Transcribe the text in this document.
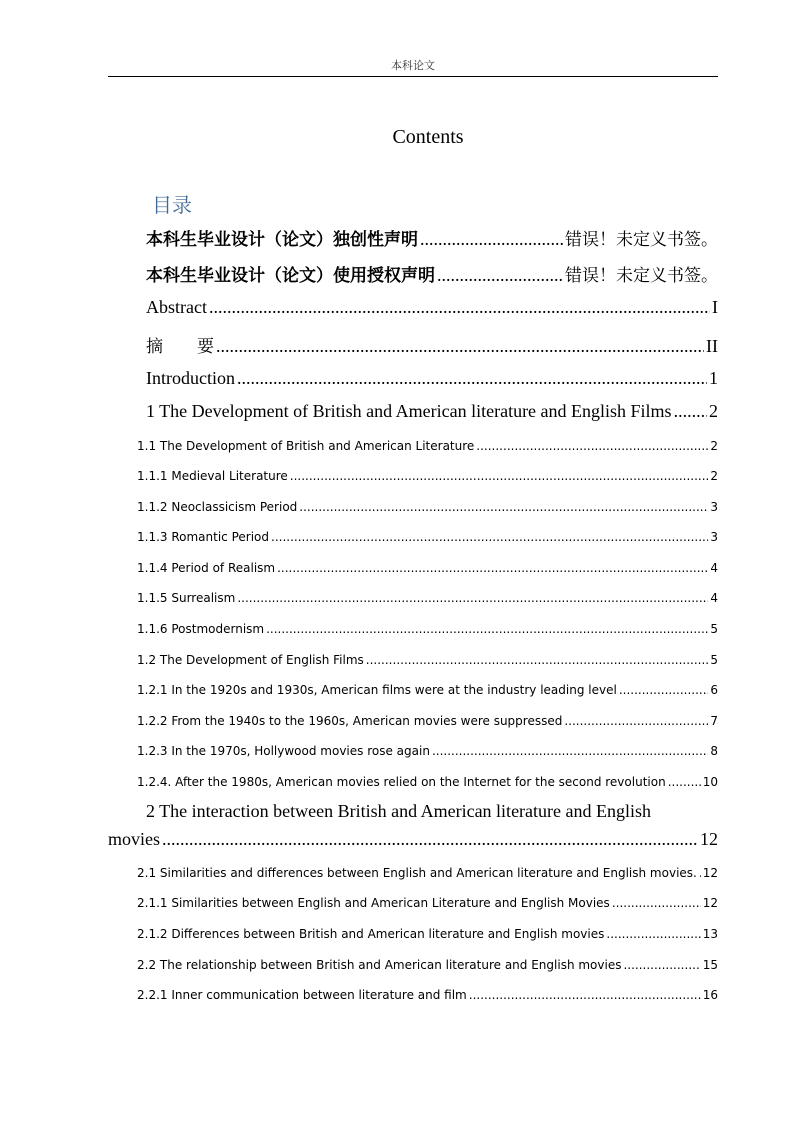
本科论文
Contents
目录
本科生毕业设计（论文）独创性声明 .....	错误！未定义书签。
本科生毕业设计（论文）使用授权声明 .....	错误！未定义书签。
Abstract .....	I
摘　　要 .....	II
Introduction .....	1
1 The Development of British and American literature and English Films ..... 2
1.1 The Development of British and American Literature .....	2
1.1.1 Medieval Literature .....	2
1.1.2 Neoclassicism Period .....	3
1.1.3 Romantic Period .....	3
1.1.4 Period of Realism .....	4
1.1.5 Surrealism .....	4
1.1.6 Postmodernism .....	5
1.2 The Development of English Films .....	5
1.2.1 In the 1920s and 1930s, American films were at the industry leading level .....	6
1.2.2 From the 1940s to the 1960s, American movies were suppressed .....	7
1.2.3 In the 1970s, Hollywood movies rose again .....	8
1.2.4. After the 1980s, American movies relied on the Internet for the second revolution .....	10
2 The interaction between British and American literature and English
movies .....	12
2.1 Similarities and differences between English and American literature and English movies. ..... 12
2.1.1 Similarities between English and American Literature and English Movies .....	12
2.1.2 Differences between British and American literature and English movies .....	13
2.2 The relationship between British and American literature and English movies .....	15
2.2.1 Inner communication between literature and film .....	16
